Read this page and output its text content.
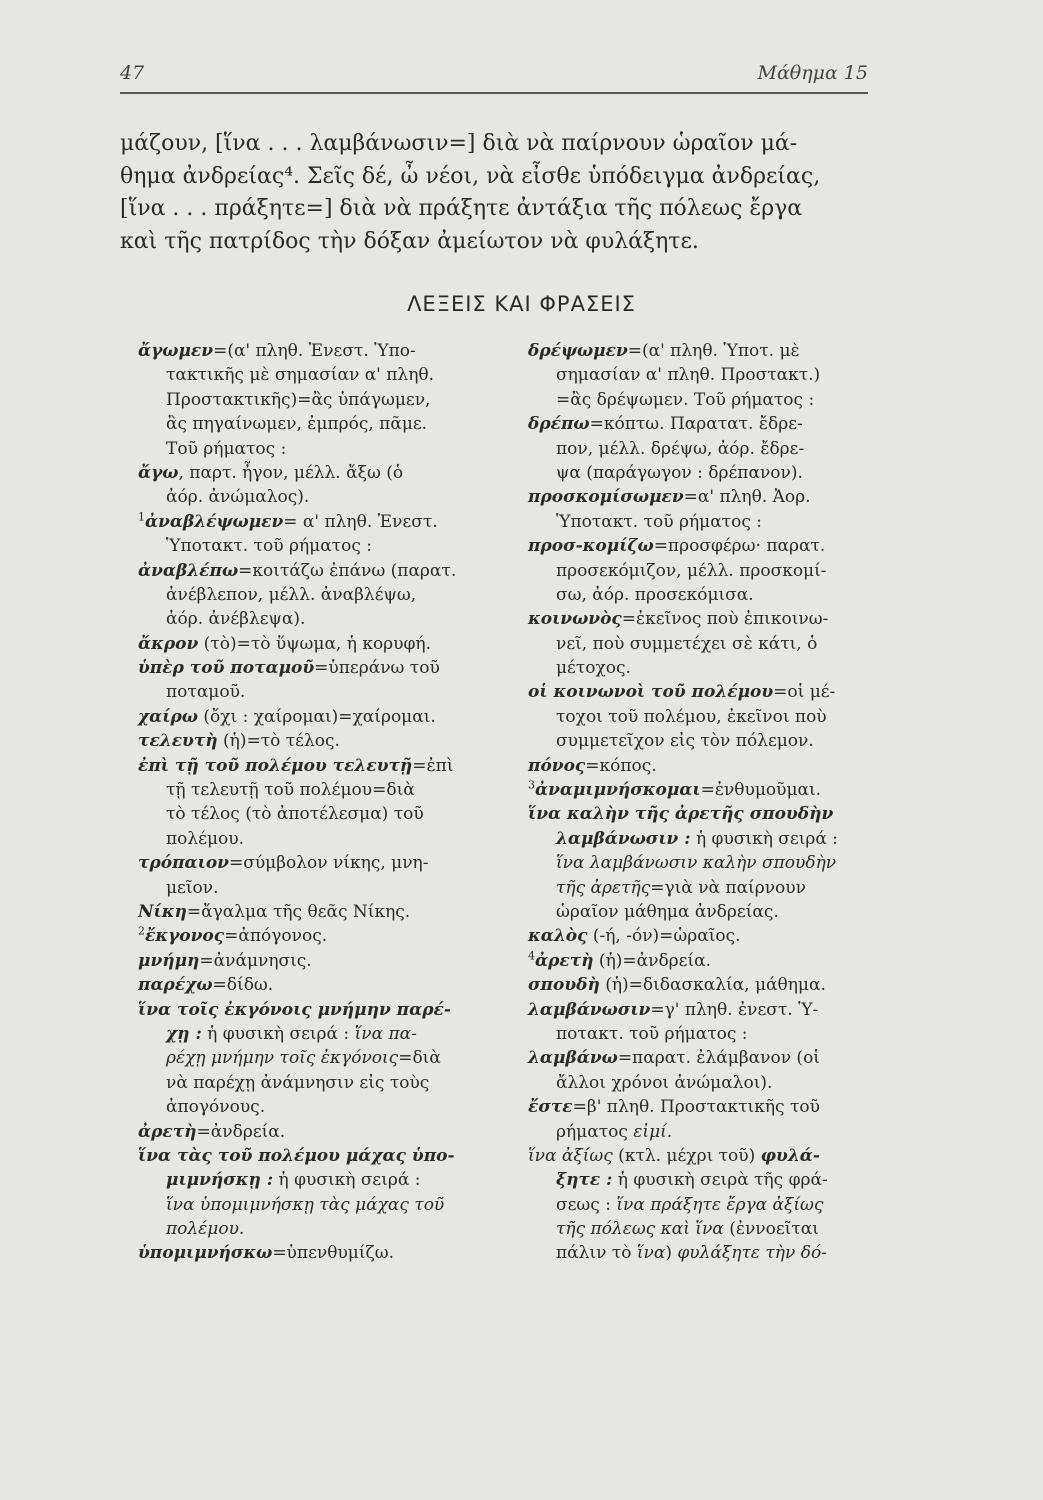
47	Μάθημα 15
μάζουν, [ἵνα . . . λαμβάνωσιν=] διὰ νὰ παίρνουν ὡραῖον μά-
θημα ἀνδρείας⁴. Σεῖς δέ, ὦ νέοι, νὰ εἶσθε ὑπόδειγμα ἀνδρείας,
[ἵνα . . . πράξητε=] διὰ νὰ πράξητε ἀντάξια τῆς πόλεως ἔργα
καὶ τῆς πατρίδος τὴν δόξαν ἀμείωτον νὰ φυλάξητε.
ΛΕΞΕΙΣ ΚΑΙ ΦΡΑΣΕΙΣ
ἄγωμεν=(α' πληθ. Ἐνεστ. Ὑπο-
τακτικῆς μὲ σημασίαν α' πληθ.
Προστακτικῆς)=ἂς ὑπάγωμεν,
ἂς πηγαίνωμεν, ἐμπρός, πᾶμε.
Τοῦ ρήματος :
ἄγω, παρτ. ἦγον, μέλλ. ἄξω (ὁ
ἀόρ. ἀνώμαλος).
$^1$ἀναβλέψωμεν= α' πληθ. Ἐνεστ.
Ὑποτακτ. τοῦ ρήματος :
ἀναβλέπω=κοιτάζω ἐπάνω (παρατ.
ἀνέβλεπον, μέλλ. ἀναβλέψω,
ἀόρ. ἀνέβλεψα).
ἄκρον (τὸ)=τὸ ὕψωμα, ἡ κορυφή.
ὑπὲρ τοῦ ποταμοῦ=ὑπεράνω τοῦ
ποταμοῦ.
χαίρω (ὄχι : χαίρομαι)=χαίρομαι.
τελευτὴ (ἡ)=τὸ τέλος.
ἐπὶ τῇ τοῦ πολέμου τελευτῇ=ἐπὶ
τῇ τελευτῇ τοῦ πολέμου=διὰ
τὸ τέλος (τὸ ἀποτέλεσμα) τοῦ
πολέμου.
τρόπαιον=σύμβολον νίκης, μνη-
μεῖον.
Νίκη=ἄγαλμα τῆς θεᾶς Νίκης.
$^2$ἔκγονος=ἀπόγονος.
μνήμη=ἀνάμνησις.
παρέχω=δίδω.
ἵνα τοῖς ἐκγόνοις μνήμην παρέ-
χῃ : ἡ φυσικὴ σειρά : ἵνα πα-
ρέχῃ μνήμην τοῖς ἐκγόνοις=διὰ
νὰ παρέχῃ ἀνάμνησιν εἰς τοὺς
ἀπογόνους.
ἀρετὴ=ἀνδρεία.
ἵνα τὰς τοῦ πολέμου μάχας ὑπο-
μιμνήσκῃ : ἡ φυσικὴ σειρά :
ἵνα ὑπομιμνήσκῃ τὰς μάχας τοῦ
πολέμου.
ὑπομιμνήσκω=ὑπενθυμίζω.
δρέψωμεν=(α' πληθ. Ὑποτ. μὲ
σημασίαν α' πληθ. Προστακτ.)
=ἂς δρέψωμεν. Τοῦ ρήματος :
δρέπω=κόπτω. Παρατατ. ἔδρε-
πον, μέλλ. δρέψω, ἀόρ. ἔδρε-
ψα (παράγωγον : δρέπανον).
προσκομίσωμεν=α' πληθ. Ἀορ.
Ὑποτακτ. τοῦ ρήματος :
προσ-κομίζω=προσφέρω· παρατ.
προσεκόμιζον, μέλλ. προσκομί-
σω, ἀόρ. προσεκόμισα.
κοινωνὸς=ἐκεῖνος ποὺ ἐπικοινω-
νεῖ, ποὺ συμμετέχει σὲ κάτι, ὁ
μέτοχος.
οἱ κοινωνοὶ τοῦ πολέμου=οἱ μέ-
τοχοι τοῦ πολέμου, ἐκεῖνοι ποὺ
συμμετεῖχον εἰς τὸν πόλεμον.
πόνος=κόπος.
$^3$ἀναμιμνήσκομαι=ἐνθυμοῦμαι.
ἵνα καλὴν τῆς ἀρετῆς σπουδὴν
λαμβάνωσιν : ἡ φυσικὴ σειρά :
ἵνα λαμβάνωσιν καλὴν σπουδὴν
τῆς ἀρετῆς=γιὰ νὰ παίρνουν
ὡραῖον μάθημα ἀνδρείας.
καλὸς (-ή, -όν)=ὡραῖος.
$^4$ἀρετὴ (ἡ)=ἀνδρεία.
σπουδὴ (ἡ)=διδασκαλία, μάθημα.
λαμβάνωσιν=γ' πληθ. ἐνεστ. Ὑ-
ποτακτ. τοῦ ρήματος :
λαμβάνω=παρατ. ἐλάμβανον (οἱ
ἄλλοι χρόνοι ἀνώμαλοι).
ἔστε=β' πληθ. Προστακτικῆς τοῦ
ρήματος εἰμί.
ἵνα ἀξίως (κτλ. μέχρι τοῦ) φυλά-
ξητε : ἡ φυσικὴ σειρὰ τῆς φρά-
σεως : ἵνα πράξητε ἔργα ἀξίως
τῆς πόλεως καὶ ἵνα (ἐννοεῖται
πάλιν τὸ ἵνα) φυλάξητε τὴν δό-
